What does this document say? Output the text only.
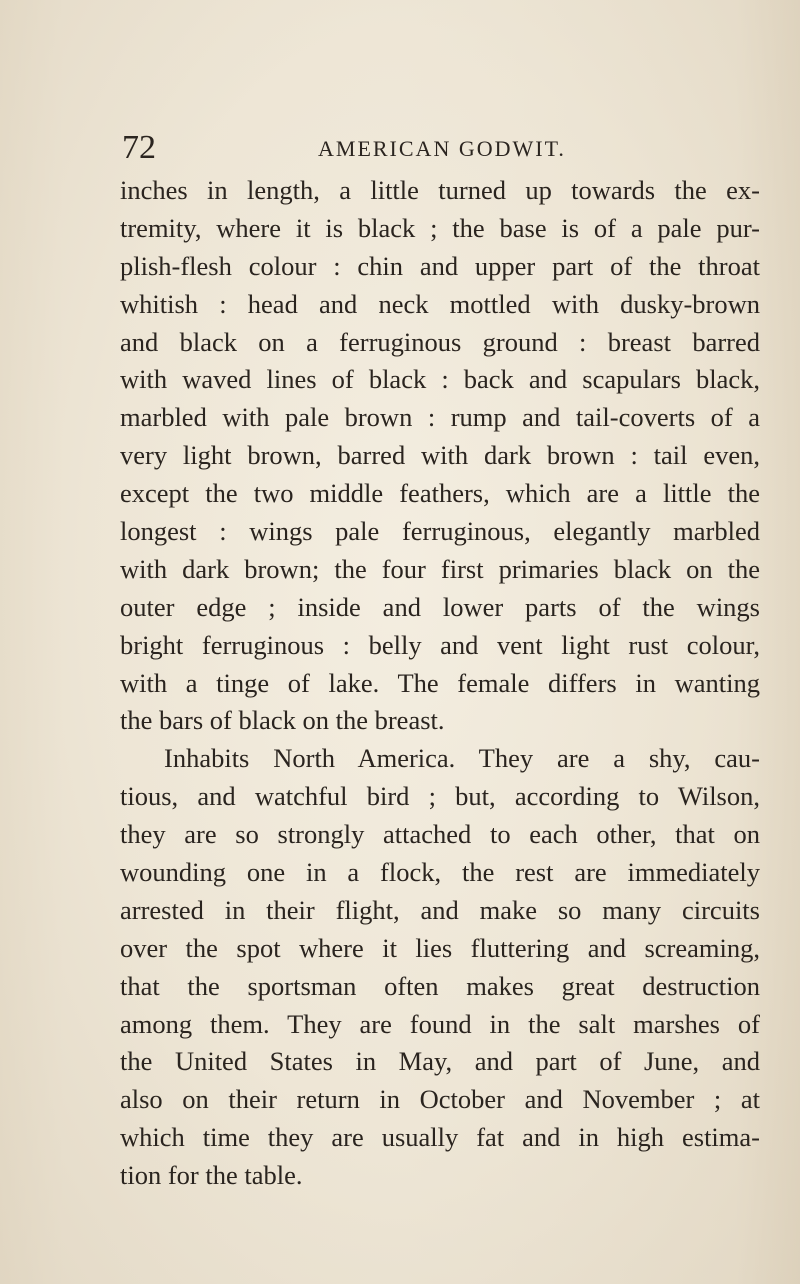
72	AMERICAN GODWIT.
inches in length, a little turned up towards the ex-
tremity, where it is black ; the base is of a pale pur-
plish-flesh colour : chin and upper part of the throat
whitish : head and neck mottled with dusky-brown
and black on a ferruginous ground : breast barred
with waved lines of black : back and scapulars black,
marbled with pale brown : rump and tail-coverts of a
very light brown, barred with dark brown : tail even,
except the two middle feathers, which are a little the
longest : wings pale ferruginous, elegantly marbled
with dark brown; the four first primaries black on the
outer edge ; inside and lower parts of the wings
bright ferruginous : belly and vent light rust colour,
with a tinge of lake. The female differs in wanting
the bars of black on the breast.
Inhabits North America. They are a shy, cau-
tious, and watchful bird ; but, according to Wilson,
they are so strongly attached to each other, that on
wounding one in a flock, the rest are immediately
arrested in their flight, and make so many circuits
over the spot where it lies fluttering and screaming,
that the sportsman often makes great destruction
among them. They are found in the salt marshes of
the United States in May, and part of June, and
also on their return in October and November ; at
which time they are usually fat and in high estima-
tion for the table.
